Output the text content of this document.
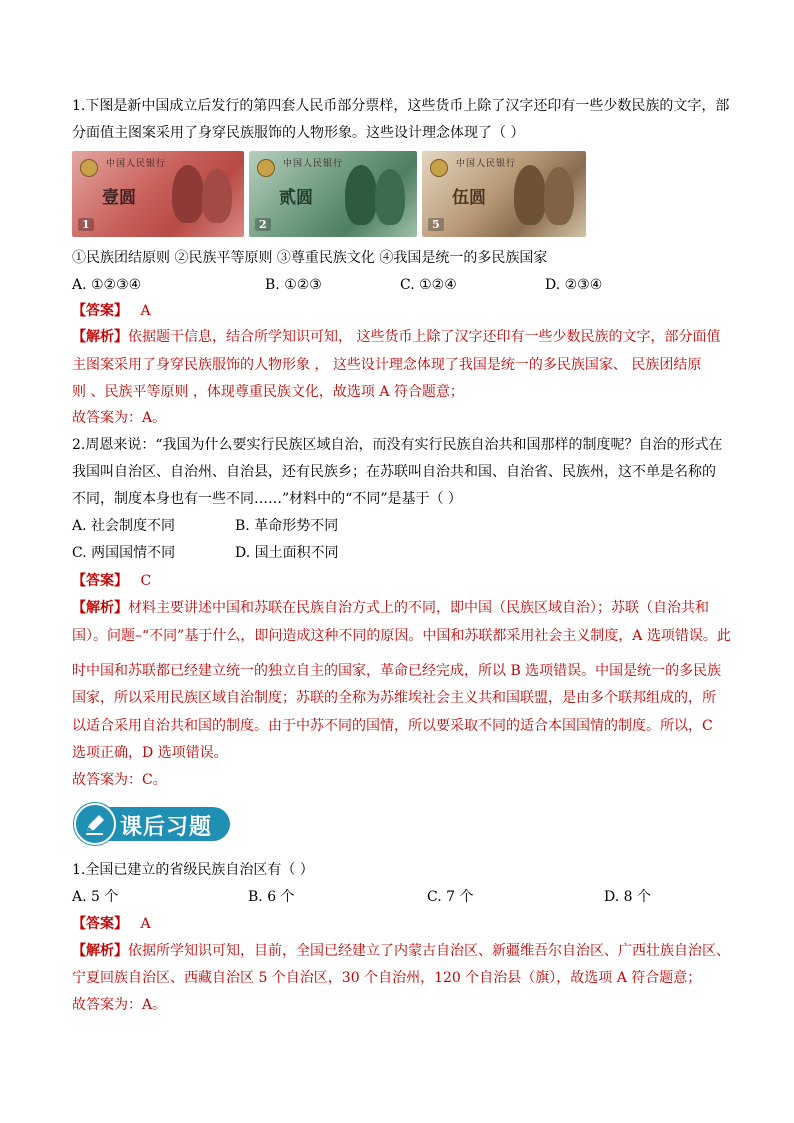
1.下图是新中国成立后发行的第四套人民币部分票样，这些货币上除了汉字还印有一些少数民族的文字，部
分面值主图案采用了身穿民族服饰的人物形象。这些设计理念体现了（ ）
中国人民银行
壹圆
1
中国人民银行
贰圆
2
中国人民银行
伍圆
5
①民族团结原则 ②民族平等原则 ③尊重民族文化 ④我国是统一的多民族国家
A. ①②③④	B. ①②③	C. ①②④	D. ②③④
【答案】 A
【解析】依据题干信息，结合所学知识可知， 这些货币上除了汉字还印有一些少数民族的文字，部分面值
主图案采用了身穿民族服饰的人物形象 ， 这些设计理念体现了我国是统一的多民族国家、 民族团结原
则 、民族平等原则 ，体现尊重民族文化，故选项 A 符合题意；
故答案为：A。
2.周恩来说：“我国为什么要实行民族区域自治，而没有实行民族自治共和国那样的制度呢？自治的形式在
我国叫自治区、自治州、自治县，还有民族乡；在苏联叫自治共和国、自治省、民族州，这不单是名称的
不同，制度本身也有一些不同……”材料中的“不同”是基于（ ）
A. 社会制度不同	B. 革命形势不同
C. 两国国情不同	D. 国土面积不同
【答案】 C
【解析】材料主要讲述中国和苏联在民族自治方式上的不同，即中国（民族区域自治）；苏联（自治共和
国）。问题–“不同”基于什么，即问造成这种不同的原因。中国和苏联都采用社会主义制度，A 选项错误。此
时中国和苏联都已经建立统一的独立自主的国家，革命已经完成，所以 B 选项错误。中国是统一的多民族
国家，所以采用民族区域自治制度；苏联的全称为苏维埃社会主义共和国联盟，是由多个联邦组成的，所
以适合采用自治共和国的制度。由于中苏不同的国情，所以要采取不同的适合本国国情的制度。所以，C
选项正确，D 选项错误。
故答案为：C。
课后习题
1.全国已建立的省级民族自治区有（ ）
A. 5 个	B. 6 个	C. 7 个	D. 8 个
【答案】 A
【解析】依据所学知识可知，目前，全国已经建立了内蒙古自治区、新疆维吾尔自治区、广西壮族自治区、
宁夏回族自治区、西藏自治区 5 个自治区，30 个自治州，120 个自治县（旗），故选项 A 符合题意；
故答案为：A。
